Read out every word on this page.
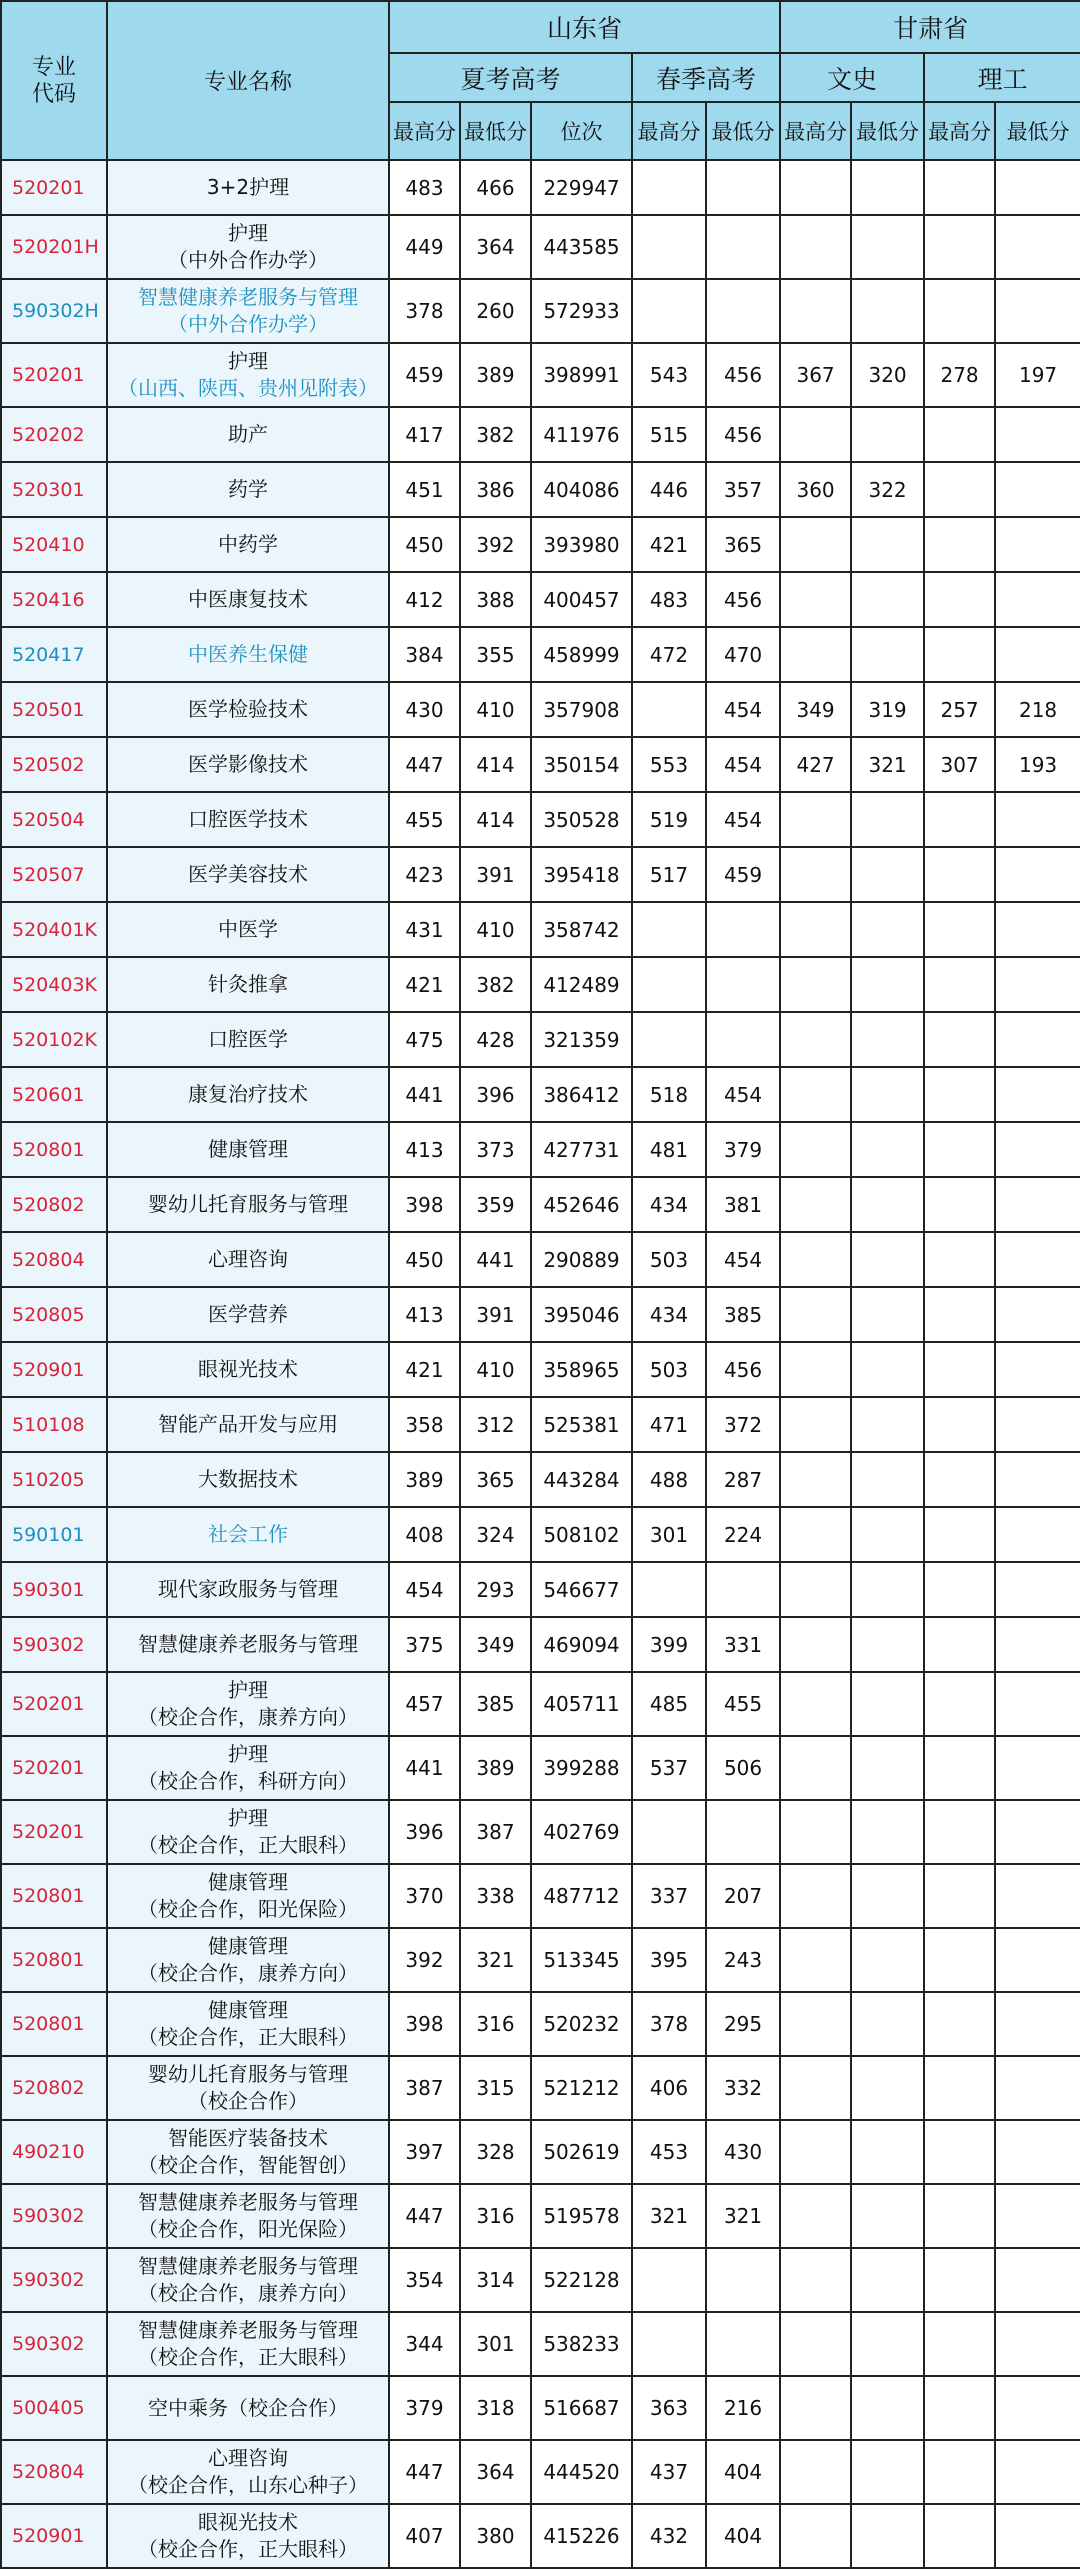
专业
代码	专业名称	山东省					甘肃省			
		夏考高考			春季高考		文史		理工	
		最高分	最低分	位次	最高分	最低分	最高分	最低分	最高分	最低分
520201	3+2护理	483	466	229947						
520201H	护理
（中外合作办学）	449	364	443585						
590302H	智慧健康养老服务与管理
（中外合作办学）	378	260	572933						
520201	护理
（山西、陕西、贵州见附表）	459	389	398991	543	456	367	320	278	197
520202	助产	417	382	411976	515	456				
520301	药学	451	386	404086	446	357	360	322		
520410	中药学	450	392	393980	421	365				
520416	中医康复技术	412	388	400457	483	456				
520417	中医养生保健	384	355	458999	472	470				
520501	医学检验技术	430	410	357908		454	349	319	257	218
520502	医学影像技术	447	414	350154	553	454	427	321	307	193
520504	口腔医学技术	455	414	350528	519	454				
520507	医学美容技术	423	391	395418	517	459				
520401K	中医学	431	410	358742						
520403K	针灸推拿	421	382	412489						
520102K	口腔医学	475	428	321359						
520601	康复治疗技术	441	396	386412	518	454				
520801	健康管理	413	373	427731	481	379				
520802	婴幼儿托育服务与管理	398	359	452646	434	381				
520804	心理咨询	450	441	290889	503	454				
520805	医学营养	413	391	395046	434	385				
520901	眼视光技术	421	410	358965	503	456				
510108	智能产品开发与应用	358	312	525381	471	372				
510205	大数据技术	389	365	443284	488	287				
590101	社会工作	408	324	508102	301	224				
590301	现代家政服务与管理	454	293	546677						
590302	智慧健康养老服务与管理	375	349	469094	399	331				
520201	护理
（校企合作，康养方向）	457	385	405711	485	455				
520201	护理
（校企合作，科研方向）	441	389	399288	537	506				
520201	护理
（校企合作，正大眼科）	396	387	402769						
520801	健康管理
（校企合作，阳光保险）	370	338	487712	337	207				
520801	健康管理
（校企合作，康养方向）	392	321	513345	395	243				
520801	健康管理
（校企合作，正大眼科）	398	316	520232	378	295				
520802	婴幼儿托育服务与管理
（校企合作）	387	315	521212	406	332				
490210	智能医疗装备技术
（校企合作，智能智创）	397	328	502619	453	430				
590302	智慧健康养老服务与管理
（校企合作，阳光保险）	447	316	519578	321	321				
590302	智慧健康养老服务与管理
（校企合作，康养方向）	354	314	522128						
590302	智慧健康养老服务与管理
（校企合作，正大眼科）	344	301	538233						
500405	空中乘务（校企合作）	379	318	516687	363	216				
520804	心理咨询
（校企合作，山东心种子）	447	364	444520	437	404				
520901	眼视光技术
（校企合作，正大眼科）	407	380	415226	432	404				
